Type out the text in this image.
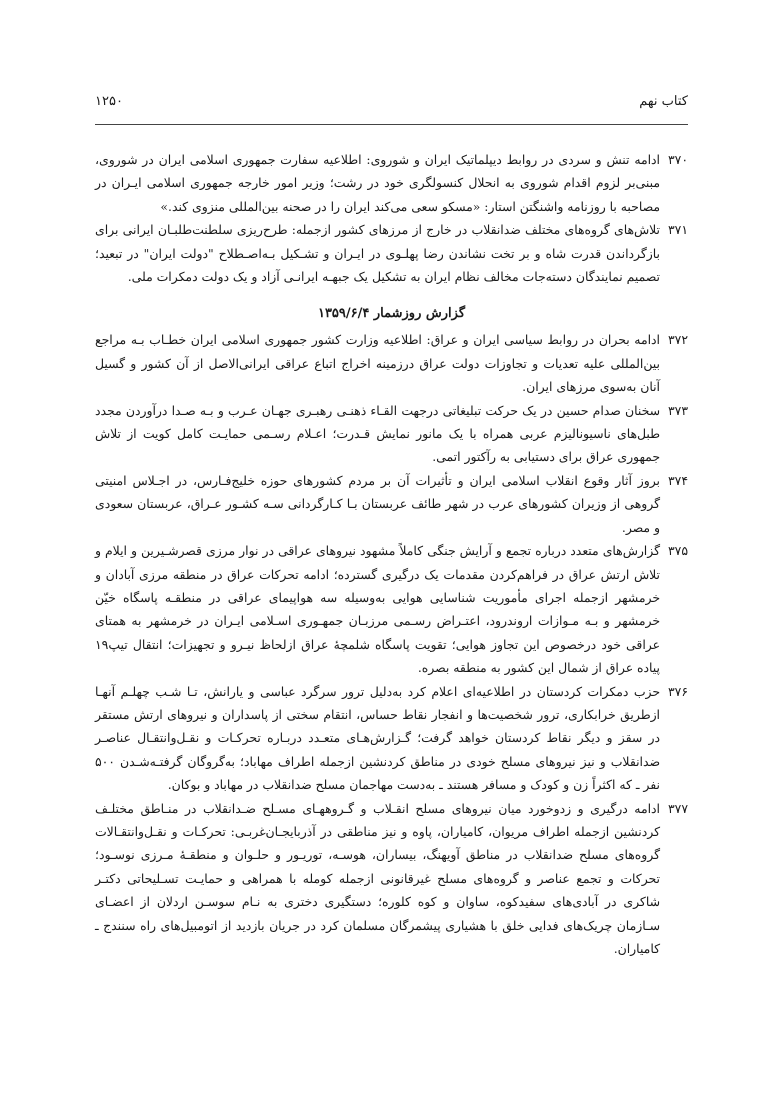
کتاب نهم
۱۲۵۰

۳۷۰
ادامه تنش و سردی در روابط دیپلماتیک ایران و شوروی: اطلاعیه سفارت جمهوری اسلامی ایران در شوروی، مبنی‌بر لزوم اقدام شوروی به انحلال کنسولگری خود در رشت؛ وزیر امور خارجه جمهوری اسلامی ایـران در مصاحبه با روزنامه واشنگتن استار: «مسکو سعی می‌کند ایران را در صحنه بین‌المللی منزوی کند.»

۳۷۱
تلاش‌های گروه‌های مختلف ضدانقلاب در خارج از مرزهای کشور ازجمله: طرح‌ریزی سلطنت‌طلبـان ایرانی برای بازگرداندن قدرت شاه و بر تخت نشاندن رضا پهلـوی در ایـران و تشـکیل بـه‌اصـطلاح "دولت ایران" در تبعید؛ تصمیم نمایندگان دسته‌جات مخالف نظام ایران به تشکیل یک جبهـه ایرانـی آزاد و یک دولت دمکرات ملی.

گزارش روزشمار ۱۳۵۹/۶/۴

۳۷۲
ادامه بحران در روابط سیاسی ایران و عراق: اطلاعیه وزارت کشور جمهوری اسلامی ایران خطـاب بـه مراجع بین‌المللی علیه تعدیات و تجاوزات دولت عراق درزمینه اخراج اتباع عراقی ایرانی‌الاصل از آن کشور و گسیل آنان به‌سوی مرزهای ایران.

۳۷۳
سخنان صدام حسین در یک حرکت تبلیغاتی درجهت القـاء ذهنـی رهبـری جهـان عـرب و بـه صـدا درآوردن مجدد طبل‌های ناسیونالیزم عربی همراه با یک مانور نمایش قـدرت؛ اعـلام رسـمی حمایـت کامل کویت از تلاش جمهوری عراق برای دستیابی به رآکتور اتمی.

۳۷۴
بروز آثار وقوع انقلاب اسلامی ایران و تأثیرات آن بر مردم کشورهای حوزه خلیج‌فـارس، در اجـلاس امنیتی گروهی از وزیران کشورهای عرب در شهر طائف عربستان بـا کـارگردانی سـه کشـور عـراق، عربستان سعودی و مصر.

۳۷۵
گزارش‌های متعدد درباره تجمع و آرایش جنگی کاملاً مشهود نیروهای عراقی در نوار مرزی قصرشـیرین و ایلام و تلاش ارتش عراق در فراهم‌کردن مقدمات یک درگیری گسترده؛ ادامه تحرکات عراق در منطقه مرزی آبادان و خرمشهر ازجمله اجرای مأموریت شناسایی هوایی به‌وسیله سه هواپیمای عراقی در منطقـه پاسگاه خیّن خرمشهر و بـه مـوازات اروندرود، اعتـراض رسـمی مرزبـان جمهـوری اسـلامی ایـران در خرمشهر به همتای عراقی خود درخصوص این تجاوز هوایی؛ تقویت پاسگاه شلمچهٔ عراق ازلحاظ نیـرو و تجهیزات؛ انتقال تیپ۱۹ پیاده عراق از شمال این کشور به منطقه بصره.

۳۷۶
حزب دمکرات کردستان در اطلاعیه‌ای اعلام کرد به‌دلیل ترور سرگرد عباسی و یارانش، تـا شـب چهلـم آنهـا ازطریق خرابکاری، ترور شخصیت‌ها و انفجار نقاط حساس، انتقام سختی از پاسداران و نیروهای ارتش مستقر در سقز و دیگر نقاط کردستان خواهد گرفت؛ گـزارش‌هـای متعـدد دربـاره تحرکـات و نقـل‌وانتقـال عناصـر ضدانقلاب و نیز نیروهای مسلح خودی در مناطق کردنشین ازجمله اطراف مهاباد؛ به‌گروگان گرفتـه‌شـدن ۵۰۰ نفر ـ که اکثراً زن و کودک و مسافر هستند ـ به‌دست مهاجمان مسلح ضدانقلاب در مهاباد و بوکان.

۳۷۷
ادامه درگیری و زدوخورد میان نیروهای مسلح انقـلاب و گـروههـای مسـلح ضـدانقلاب در منـاطق مختلـف کردنشین ازجمله اطراف مریوان، کامیاران، پاوه و نیز مناطقی در آذربایجـان‌غربـی: تحرکـات و نقـل‌وانتقـالات گروه‌های مسلح ضدانقلاب در مناطق آویهنگ، بیساران، هوسـه، توریـور و حلـوان و منطقـهٔ مـرزی نوسـود؛ تحرکات و تجمع عناصر و گروه‌های مسلح غیرقانونی ازجمله کومله با همراهی و حمایـت تسـلیحاتی دکتـر شاکری در آبادی‌های سفیدکوه، ساوان و کوه کلوره؛ دستگیری دختری به نـام سوسـن اردلان از اعضـای سـازمان چریک‌های فدایی خلق با هشیاری پیشمرگان مسلمان کرد در جریان بازدید از اتومبیل‌های راه سنندج ـ کامیاران.
